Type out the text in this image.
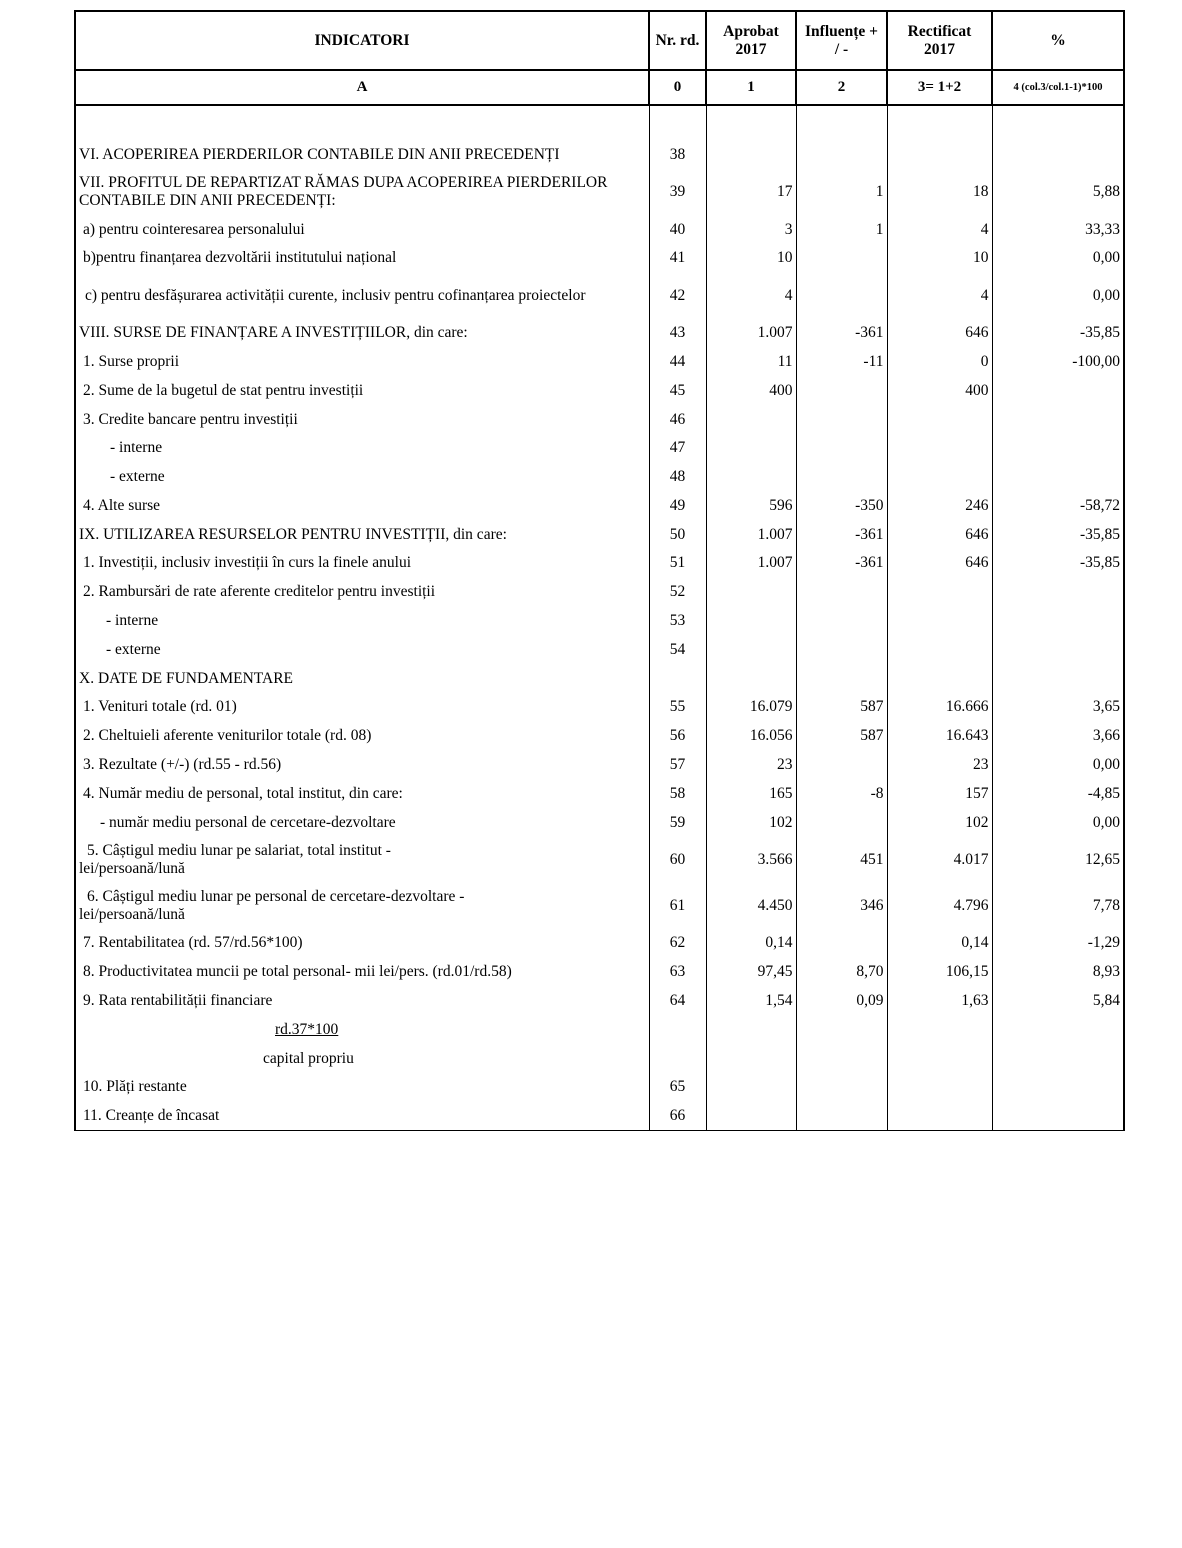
INDICATORI	Nr. rd.	Aprobat 2017	Influențe + / -	Rectificat 2017	%
A	0	1	2	3= 1+2	4 (col.3/col.1-1)*100

VI. ACOPERIREA PIERDERILOR CONTABILE DIN ANII PRECEDENȚI	38				
VII. PROFITUL DE REPARTIZAT RĂMAS DUPA ACOPERIREA PIERDERILOR CONTABILE DIN ANII PRECEDENȚI:	39	17	1	18	5,88
a) pentru cointeresarea personalului	40	3	1	4	33,33
b)pentru finanțarea dezvoltării institutului național	41	10		10	0,00
c) pentru desfășurarea activității curente, inclusiv pentru cofinanțarea proiectelor	42	4		4	0,00
VIII. SURSE DE FINANȚARE A INVESTIȚIILOR, din care:	43	1.007	-361	646	-35,85
1. Surse proprii	44	11	-11	0	-100,00
2. Sume de la bugetul de stat pentru investiții	45	400		400	
3. Credite bancare pentru investiții	46				
- interne	47				
- externe	48				
4. Alte surse	49	596	-350	246	-58,72
IX. UTILIZAREA RESURSELOR PENTRU INVESTIȚII, din care:	50	1.007	-361	646	-35,85
1. Investiții, inclusiv investiții în curs la finele anului	51	1.007	-361	646	-35,85
2. Rambursări de rate aferente creditelor pentru investiții	52				
- interne	53				
- externe	54				
X. DATE DE FUNDAMENTARE					
1. Venituri totale (rd. 01)	55	16.079	587	16.666	3,65
2. Cheltuieli aferente veniturilor totale (rd. 08)	56	16.056	587	16.643	3,66
3. Rezultate (+/-) (rd.55 - rd.56)	57	23		23	0,00
4. Număr mediu de personal, total institut, din care:	58	165	-8	157	-4,85
- număr mediu personal de cercetare-dezvoltare	59	102		102	0,00
5. Câștigul mediu lunar pe salariat, total institut -lei/persoană/lună	60	3.566	451	4.017	12,65
6. Câștigul mediu lunar pe personal de cercetare-dezvoltare - lei/persoană/lună	61	4.450	346	4.796	7,78
7. Rentabilitatea (rd. 57/rd.56*100)	62	0,14		0,14	-1,29
8. Productivitatea muncii pe total personal- mii lei/pers. (rd.01/rd.58)	63	97,45	8,70	106,15	8,93
9. Rata rentabilității financiare	64	1,54	0,09	1,63	5,84

rd.37*100					

capital propriu					

10. Plăți restante	65				
11. Creanțe de încasat	66				
